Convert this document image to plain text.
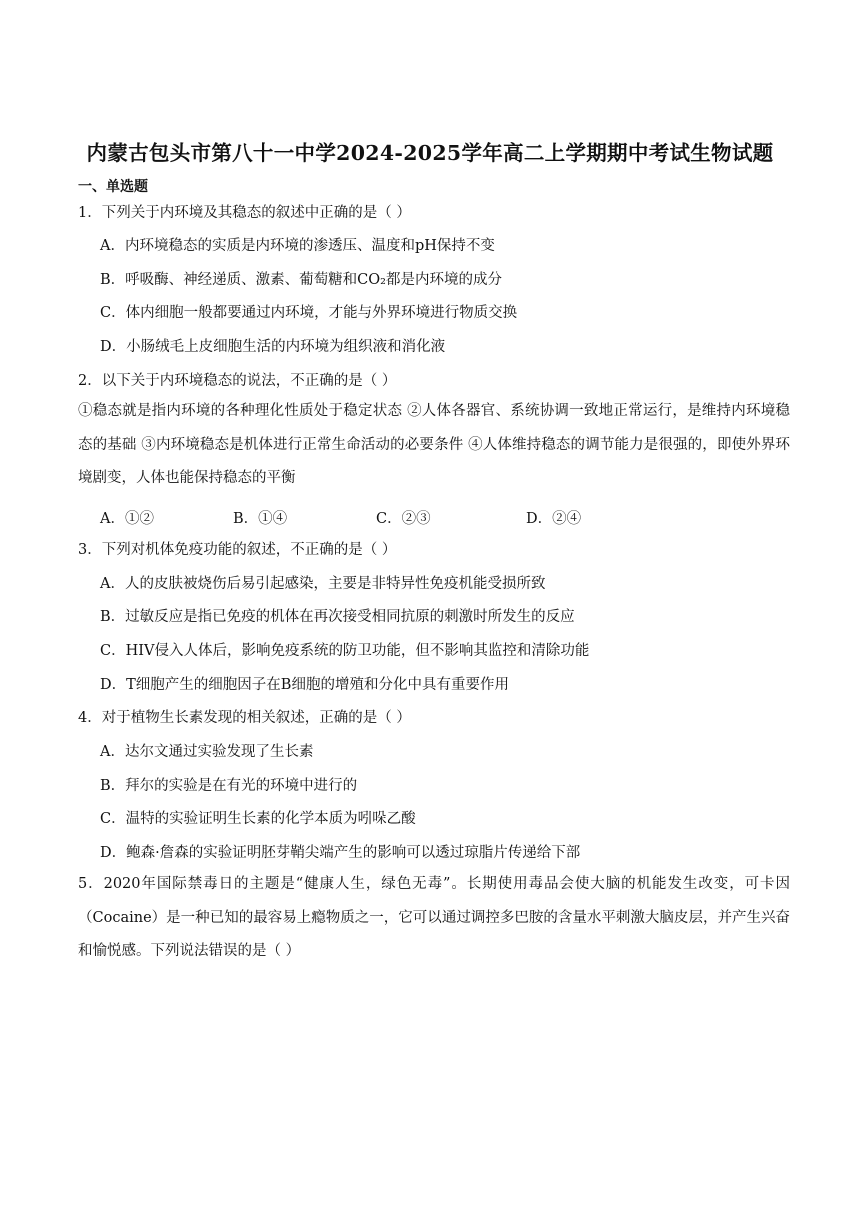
内蒙古包头市第八十一中学2024-2025学年高二上学期期中考试生物试题
一、单选题
1．下列关于内环境及其稳态的叙述中正确的是（ ）
A．内环境稳态的实质是内环境的渗透压、温度和pH保持不变
B．呼吸酶、神经递质、激素、葡萄糖和CO₂都是内环境的成分
C．体内细胞一般都要通过内环境，才能与外界环境进行物质交换
D．小肠绒毛上皮细胞生活的内环境为组织液和消化液
2．以下关于内环境稳态的说法，不正确的是（ ）
①稳态就是指内环境的各种理化性质处于稳定状态 ②人体各器官、系统协调一致地正常运行，是维持内环境稳态的基础 ③内环境稳态是机体进行正常生命活动的必要条件 ④人体维持稳态的调节能力是很强的，即使外界环境剧变，人体也能保持稳态的平衡
A．①②	B．①④	C．②③	D．②④
3．下列对机体免疫功能的叙述，不正确的是（ ）
A．人的皮肤被烧伤后易引起感染，主要是非特异性免疫机能受损所致
B．过敏反应是指已免疫的机体在再次接受相同抗原的刺激时所发生的反应
C．HIV侵入人体后，影响免疫系统的防卫功能，但不影响其监控和清除功能
D．T细胞产生的细胞因子在B细胞的增殖和分化中具有重要作用
4．对于植物生长素发现的相关叙述，正确的是（ ）
A．达尔文通过实验发现了生长素
B．拜尔的实验是在有光的环境中进行的
C．温特的实验证明生长素的化学本质为吲哚乙酸
D．鲍森·詹森的实验证明胚芽鞘尖端产生的影响可以透过琼脂片传递给下部
5．2020年国际禁毒日的主题是“健康人生，绿色无毒”。长期使用毒品会使大脑的机能发生改变，可卡因（Cocaine）是一种已知的最容易上瘾物质之一，它可以通过调控多巴胺的含量水平刺激大脑皮层，并产生兴奋和愉悦感。下列说法错误的是（ ）
